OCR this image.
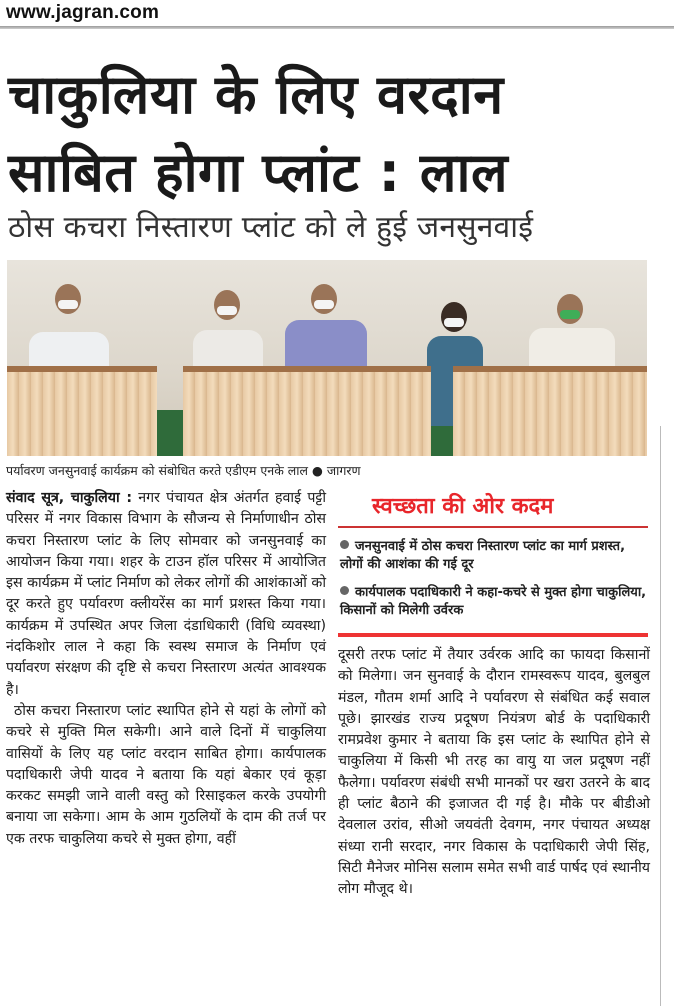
www.jagran.com
चाकुलिया के लिए वरदान
साबित होगा प्लांट : लाल
ठोस कचरा निस्तारण प्लांट को ले हुई जनसुनवाई
पर्यावरण जनसुनवाई कार्यक्रम को संबोधित करते एडीएम एनके लाल ● जागरण

संवाद सूत्र, चाकुलिया : नगर पंचायत क्षेत्र अंतर्गत हवाई पट्टी परिसर में नगर विकास विभाग के सौजन्य से निर्माणाधीन ठोस कचरा निस्तारण प्लांट के लिए सोमवार को जनसुनवाई का आयोजन किया गया। शहर के टाउन हॉल परिसर में आयोजित इस कार्यक्रम में प्लांट निर्माण को लेकर लोगों की आशंकाओं को दूर करते हुए पर्यावरण क्लीयरेंस का मार्ग प्रशस्त किया गया। कार्यक्रम में उपस्थित अपर जिला दंडाधिकारी (विधि व्यवस्था) नंदकिशोर लाल ने कहा कि स्वस्थ समाज के निर्माण एवं पर्यावरण संरक्षण की दृष्टि से कचरा निस्तारण अत्यंत आवश्यक है।

ठोस कचरा निस्तारण प्लांट स्थापित होने से यहां के लोगों को कचरे से मुक्ति मिल सकेगी। आने वाले दिनों में चाकुलिया वासियों के लिए यह प्लांट वरदान साबित होगा। कार्यपालक पदाधिकारी जेपी यादव ने बताया कि यहां बेकार एवं कूड़ा करकट समझी जाने वाली वस्तु को रिसाइकल करके उपयोगी बनाया जा सकेगा। आम के आम गुठलियों के दाम की तर्ज पर एक तरफ चाकुलिया कचरे से मुक्त होगा, वहीं

स्वच्छता की ओर कदम
जनसुनवाई में ठोस कचरा निस्तारण प्लांट का मार्ग प्रशस्त, लोगों की आशंका की गई दूर
कार्यपालक पदाधिकारी ने कहा-कचरे से मुक्त होगा चाकुलिया, किसानों को मिलेगी उर्वरक
दूसरी तरफ प्लांट में तैयार उर्वरक आदि का फायदा किसानों को मिलेगा। जन सुनवाई के दौरान रामस्वरूप यादव, बुलबुल मंडल, गौतम शर्मा आदि ने पर्यावरण से संबंधित कई सवाल पूछे। झारखंड राज्य प्रदूषण नियंत्रण बोर्ड के पदाधिकारी रामप्रवेश कुमार ने बताया कि इस प्लांट के स्थापित होने से चाकुलिया में किसी भी तरह का वायु या जल प्रदूषण नहीं फैलेगा। पर्यावरण संबंधी सभी मानकों पर खरा उतरने के बाद ही प्लांट बैठाने की इजाजत दी गई है। मौके पर बीडीओ देवलाल उरांव, सीओ जयवंती देवगम, नगर पंचायत अध्यक्ष संध्या रानी सरदार, नगर विकास के पदाधिकारी जेपी सिंह, सिटी मैनेजर मोनिस सलाम समेत सभी वार्ड पार्षद एवं स्थानीय लोग मौजूद थे।
